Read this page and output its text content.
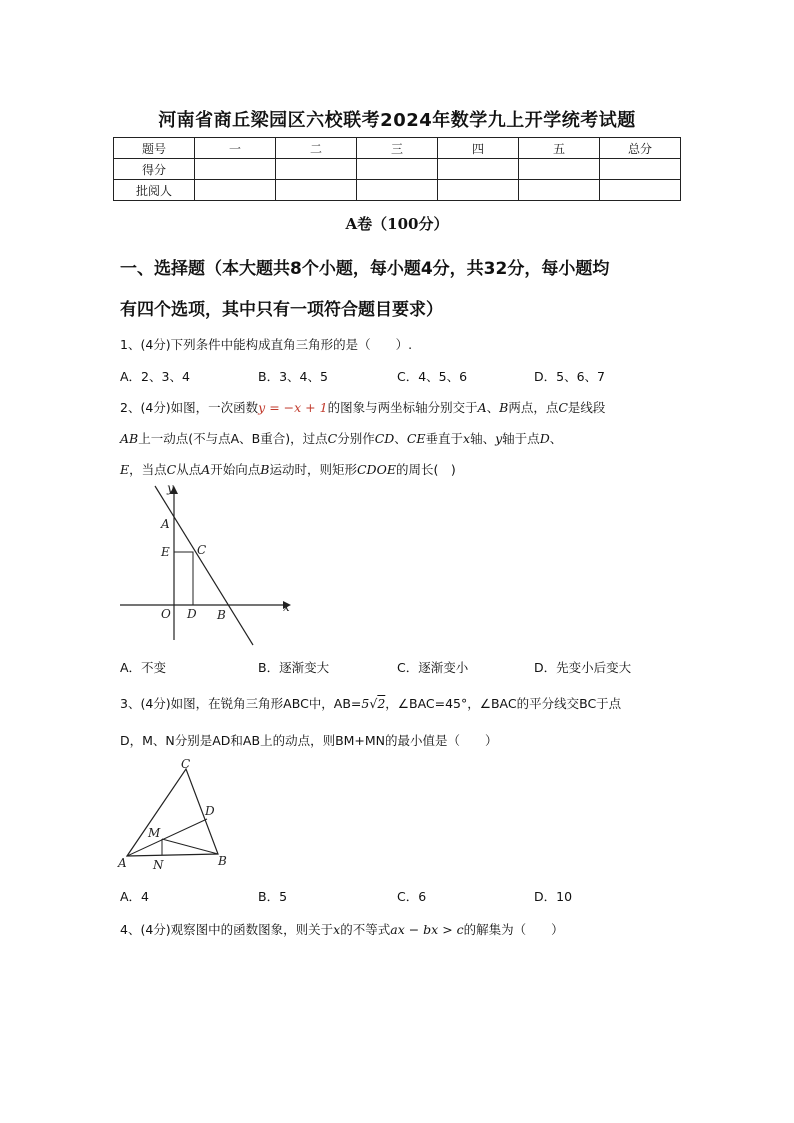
河南省商丘梁园区六校联考2024年数学九上开学统考试题
题号	一	二	三	四	五	总分
得分						
批阅人						
A卷（100分）
一、选择题（本大题共8个小题，每小题4分，共32分，每小题均
有四个选项，其中只有一项符合题目要求）
1、(4分)下列条件中能构成直角三角形的是（　　）.
A．2、3、4	B．3、4、5	C．4、5、6	D．5、6、7
2、(4分)如图，一次函数y = −x + 1的图象与两坐标轴分别交于A、B两点，点C是线段
AB上一动点(不与点A、B重合)，过点C分别作CD、CE垂直于x轴、y轴于点D、
E，当点C从点A开始向点B运动时，则矩形CDOE的周长(　)
y
A
E C
O D B
x
A．不变	B．逐渐变大	C．逐渐变小	D．先变小后变大
3、(4分)如图，在锐角三角形ABC中，AB=5√2，∠BAC=45°，∠BAC的平分线交BC于点
D，M、N分别是AD和AB上的动点，则BM+MN的最小值是（　　）
C
D
M
A N	B
A．4	B．5	C．6	D．10
4、(4分)观察图中的函数图象，则关于x的不等式ax − bx > c的解集为（　　）
